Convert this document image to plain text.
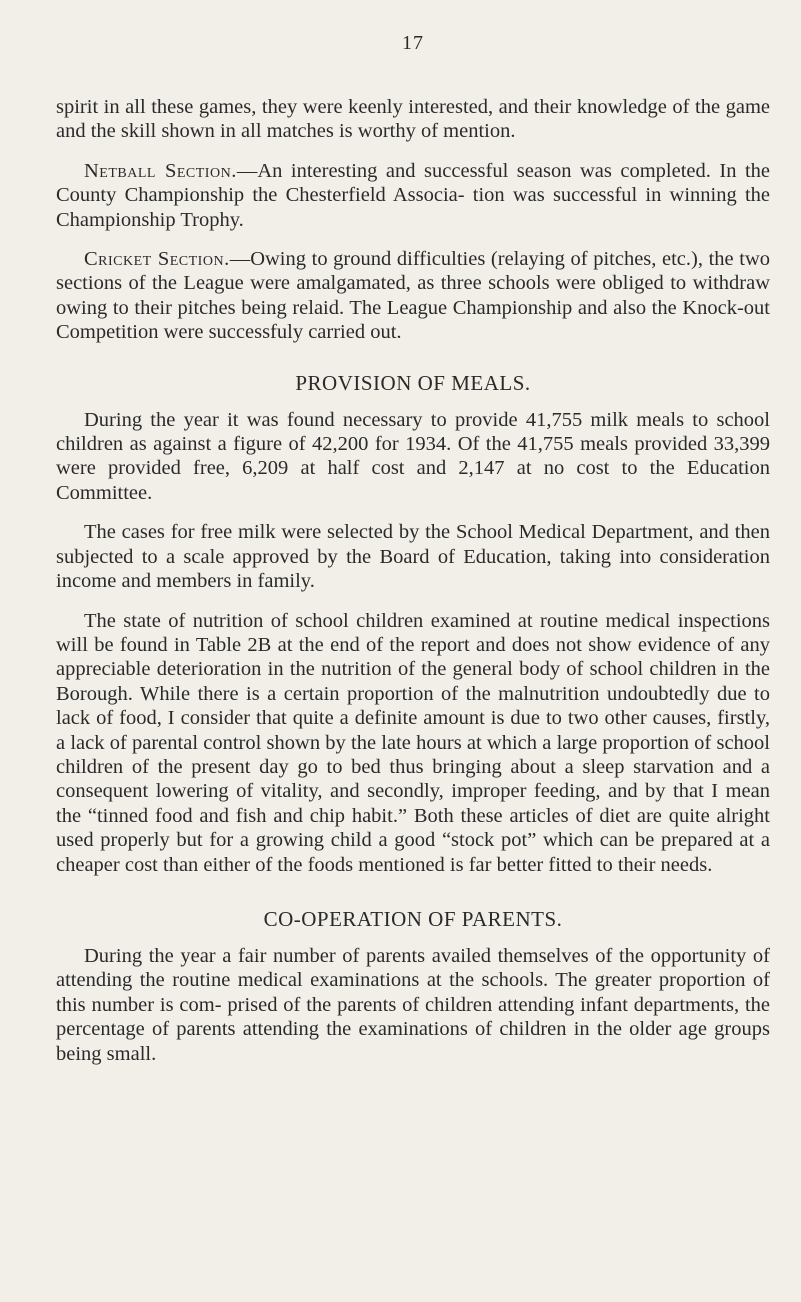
17

spirit in all these games, they were keenly interested, and their knowledge of the game and the skill shown in all matches is worthy of mention.

Netball Section.—An interesting and successful season was completed. In the County Championship the Chesterfield Associa- tion was successful in winning the Championship Trophy.

Cricket Section.—Owing to ground difficulties (relaying of pitches, etc.), the two sections of the League were amalgamated, as three schools were obliged to withdraw owing to their pitches being relaid. The League Championship and also the Knock-out Competition were successfuly carried out.

PROVISION OF MEALS.

During the year it was found necessary to provide 41,755 milk meals to school children as against a figure of 42,200 for 1934. Of the 41,755 meals provided 33,399 were provided free, 6,209 at half cost and 2,147 at no cost to the Education Committee.

The cases for free milk were selected by the School Medical Department, and then subjected to a scale approved by the Board of Education, taking into consideration income and members in family.

The state of nutrition of school children examined at routine medical inspections will be found in Table 2B at the end of the report and does not show evidence of any appreciable deterioration in the nutrition of the general body of school children in the Borough. While there is a certain proportion of the malnutrition undoubtedly due to lack of food, I consider that quite a definite amount is due to two other causes, firstly, a lack of parental control shown by the late hours at which a large proportion of school children of the present day go to bed thus bringing about a sleep starvation and a consequent lowering of vitality, and secondly, improper feeding, and by that I mean the “tinned food and fish and chip habit.” Both these articles of diet are quite alright used properly but for a growing child a good “stock pot” which can be prepared at a cheaper cost than either of the foods mentioned is far better fitted to their needs.

CO-OPERATION OF PARENTS.

During the year a fair number of parents availed themselves of the opportunity of attending the routine medical examinations at the schools. The greater proportion of this number is com- prised of the parents of children attending infant departments, the percentage of parents attending the examinations of children in the older age groups being small.
